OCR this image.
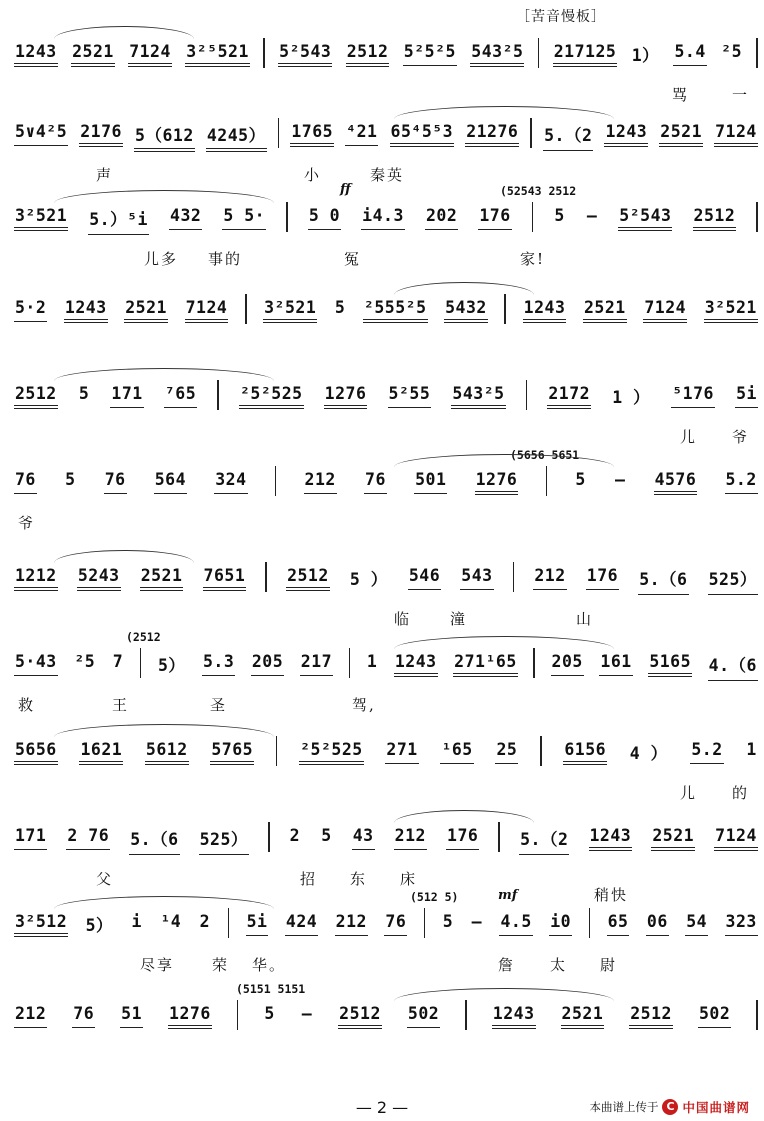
［苦音慢板］
1243 2521 7124 3²⁵521 5²543 2512 5²5²5 543²5 217125 1） 5.4 ²5
骂	一
5∨4²5 2176 5（612 4245） 1765 ⁴21 65⁴5⁵3 21276 5.（2 1243 2521 7124
声	小	秦英
3²521 5.）⁵i 432 5 5·	5 0 i4.3 202 176	5 — 5²543 2512
儿多 事的	冤	家!
(52543 2512
ff
5·2 1243 2521 7124 3²521 5 ²555²5 5432 1243 2521 7124 3²521
2512 5 171 ⁷65	²5²525 1276 5²55 543²5	2172 1 ） ⁵176 5i
儿 爷
76 5 76 564 324	212 76 501 1276	5 — 4576 5.2
爷
(5656 5651
1212 5243 2521 7651	2512 5 ） 546 543	212 176 5.（6 525）
临	潼	山
5·43 ²5 7 5） 5.3 205 217 1 1243 271¹65 205 161 5165 4.（6
救	王	圣	驾,
(2512
5656 1621 5612 5765	²5²525 271 ¹65 25	6156 4 ） 5.2 1
儿 的
171 2 76 5.（6 525）	2 5 43 212 176	5.（2 1243 2521 7124
父	招 东 床
3²512 5） i ¹4 2 5i 424 212 76 5 — 4.5 i0 65 06 54 323
尽享	荣 华。	詹 太 尉
(512 5)	mf	稍快
212 76 51 1276	5 — 2512 502	1243 2521 2512 502
(5151 5151
— 2 —	本曲谱上传于 C 中国曲谱网
